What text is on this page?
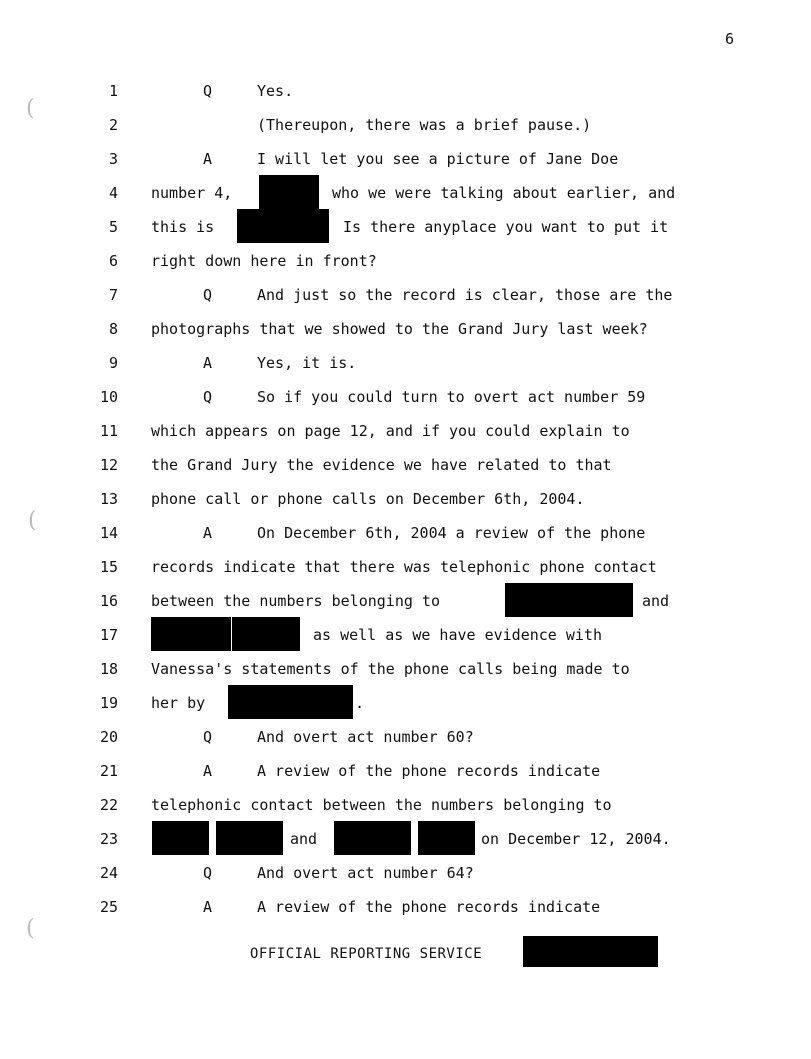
6
(
(
(
1	Q	Yes.
2	(Thereupon, there was a brief pause.)
3	A	I will let you see a picture of Jane Doe
4 number 4,	who we were talking about earlier, and
5 this is	Is there anyplace you want to put it
6 right down here in front?
7	Q	And just so the record is clear, those are the
8 photographs that we showed to the Grand Jury last week?
9	A	Yes, it is.
10	Q	So if you could turn to overt act number 59
11 which appears on page 12, and if you could explain to
12 the Grand Jury the evidence we have related to that
13 phone call or phone calls on December 6th, 2004.
14	A	On December 6th, 2004 a review of the phone
15 records indicate that there was telephonic phone contact
16 between the numbers belonging to	and
17	as well as we have evidence with
18 Vanessa's statements of the phone calls being made to
19 her by	.
20	Q	And overt act number 60?
21	A	A review of the phone records indicate
22 telephonic contact between the numbers belonging to
23	and	on December 12, 2004.
24	Q	And overt act number 64?
25	A	A review of the phone records indicate
OFFICIAL REPORTING SERVICE
